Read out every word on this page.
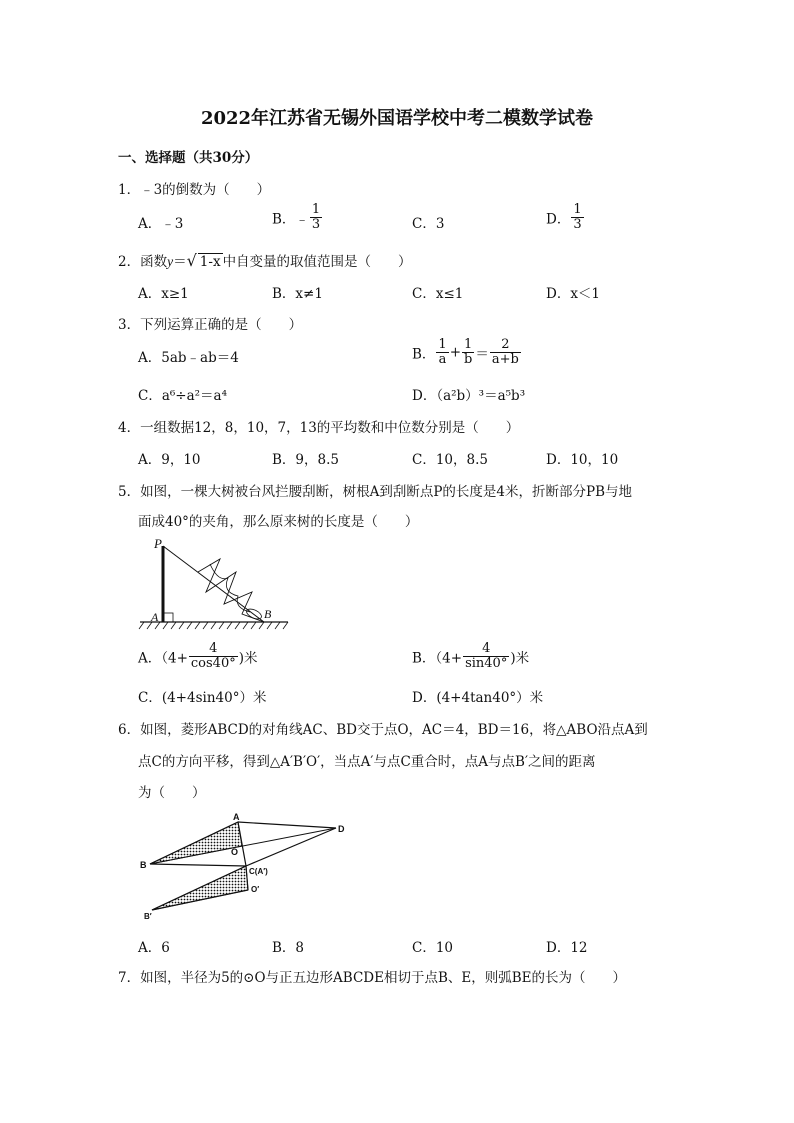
2022年江苏省无锡外国语学校中考二模数学试卷
一、选择题（共30分）
1．﹣3的倒数为（　　）
A．﹣3	B．﹣ $\frac{1}{3}$	C．3	D． $\frac{1}{3}$
2．函数y＝√ 1-x 中自变量的取值范围是（　　）
A．x≥1	B．x≠1	C．x≤1	D．x＜1
3．下列运算正确的是（　　）
A．5ab﹣ab＝4	B． $\frac{1}{a} + \frac{1}{b} = \frac{2}{a+b}$
C．a⁶÷a²＝a⁴	D．（a²b）³＝a⁵b³
4．一组数据12，8，10，7，13的平均数和中位数分别是（　　）
A．9，10	B．9，8.5	C．10，8.5	D．10，10
5．如图，一棵大树被台风拦腰刮断，树根A到刮断点P的长度是4米，折断部分PB与地
面成40°的夹角，那么原来树的长度是（　　）
P
A	B
A．（$4+ \frac{4}{\cos 40^\circ}$ )米	B．（$4+ \frac{4}{\sin 40^\circ}$ )米
C．(4+4sin40°）米	D．(4+4tan40°）米
6．如图，菱形ABCD的对角线AC、BD交于点O，AC＝4，BD＝16，将△ABO沿点A到
点C的方向平移，得到△A′B′O′，当点A′与点C重合时，点A与点B′之间的距离
为（　　）
A
B
D
O
C(A′)
O′
B′
A．6	B．8	C．10	D．12
7．如图，半径为5的⊙O与正五边形ABCDE相切于点B、E，则弧BE的长为（　　）
